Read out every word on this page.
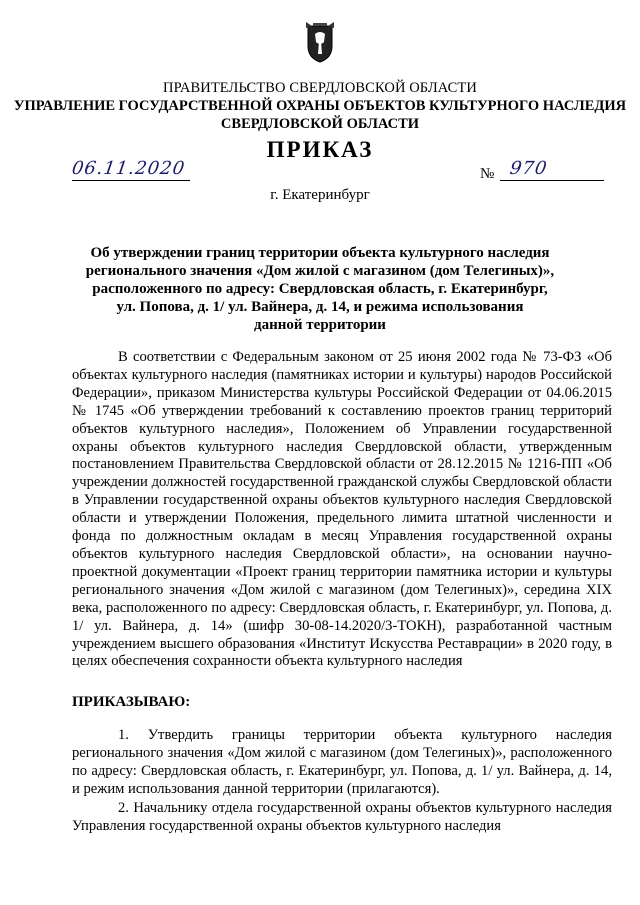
ПРАВИТЕЛЬСТВО СВЕРДЛОВСКОЙ ОБЛАСТИ
УПРАВЛЕНИЕ ГОСУДАРСТВЕННОЙ ОХРАНЫ ОБЪЕКТОВ КУЛЬТУРНОГО НАСЛЕДИЯ
СВЕРДЛОВСКОЙ ОБЛАСТИ
ПРИКАЗ
06.11.2020	№ 970
г. Екатеринбург
Об утверждении границ территории объекта культурного наследия
регионального значения «Дом жилой с магазином (дом Телегиных)»,
расположенного по адресу: Свердловская область, г. Екатеринбург,
ул. Попова, д. 1/ ул. Вайнера, д. 14, и режима использования
данной территории
В соответствии с Федеральным законом от 25 июня 2002 года № 73-ФЗ «Об объектах культурного наследия (памятниках истории и культуры) народов Российской Федерации», приказом Министерства культуры Российской Федерации от 04.06.2015 № 1745 «Об утверждении требований к составлению проектов границ территорий объектов культурного наследия», Положением об Управлении государственной охраны объектов культурного наследия Свердловской области, утвержденным постановлением Правительства Свердловской области от 28.12.2015 № 1216-ПП «Об учреждении должностей государственной гражданской службы Свердловской области в Управлении государственной охраны объектов культурного наследия Свердловской области и утверждении Положения, предельного лимита штатной численности и фонда по должностным окладам в месяц Управления государственной охраны объектов культурного наследия Свердловской области», на основании научно-проектной документации «Проект границ территории памятника истории и культуры регионального значения «Дом жилой с магазином (дом Телегиных)», середина XIX века, расположенного по адресу: Свердловская область, г. Екатеринбург, ул. Попова, д. 1/ ул. Вайнера, д. 14» (шифр 30-08-14.2020/3-ТОКН), разработанной частным учреждением высшего образования «Институт Искусства Реставрации» в 2020 году, в целях обеспечения сохранности объекта культурного наследия
ПРИКАЗЫВАЮ:
1. Утвердить границы территории объекта культурного наследия регионального значения «Дом жилой с магазином (дом Телегиных)», расположенного по адресу: Свердловская область, г. Екатеринбург, ул. Попова, д. 1/ ул. Вайнера, д. 14, и режим использования данной территории (прилагаются).
2. Начальнику отдела государственной охраны объектов культурного наследия Управления государственной охраны объектов культурного наследия
